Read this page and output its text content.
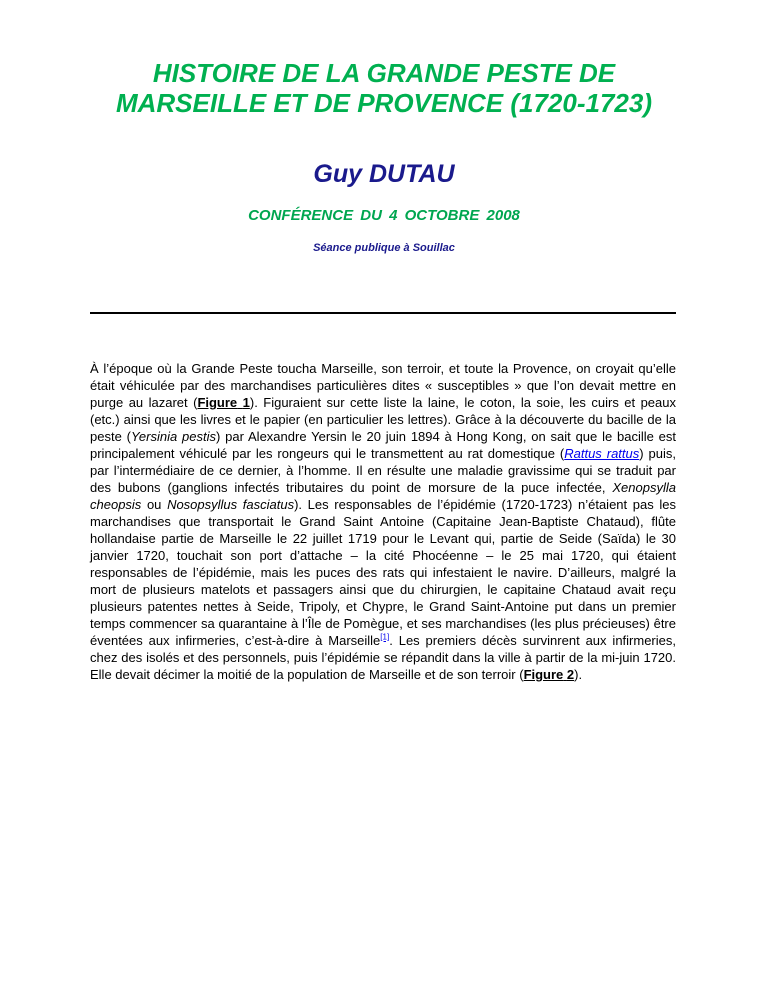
HISTOIRE DE LA GRANDE PESTE DE
MARSEILLE ET DE PROVENCE (1720-1723)
Guy DUTAU

CONFÉRENCE DU 4 OCTOBRE 2008

Séance publique à Souillac

À l’époque où la Grande Peste toucha Marseille, son terroir, et toute la Provence, on croyait qu’elle était véhiculée par des marchandises particulières dites « susceptibles » que l’on devait mettre en purge au lazaret (Figure 1). Figuraient sur cette liste la laine, le coton, la soie, les cuirs et peaux (etc.) ainsi que les livres et le papier (en particulier les lettres). Grâce à la découverte du bacille de la peste (Yersinia pestis) par Alexandre Yersin le 20 juin 1894 à Hong Kong, on sait que le bacille est principalement véhiculé par les rongeurs qui le transmettent au rat domestique (Rattus rattus) puis, par l’intermédiaire de ce dernier, à l’homme. Il en résulte une maladie gravissime qui se traduit par des bubons (ganglions infectés tributaires du point de morsure de la puce infectée, Xenopsylla cheopsis ou Nosopsyllus fasciatus). Les responsables de l’épidémie (1720-1723) n’étaient pas les marchandises que transportait le Grand Saint Antoine (Capitaine Jean-Baptiste Chataud), flûte hollandaise partie de Marseille le 22 juillet 1719 pour le Levant qui, partie de Seide (Saïda) le 30 janvier 1720, touchait son port d’attache – la cité Phocéenne – le 25 mai 1720, qui étaient responsables de l’épidémie, mais les puces des rats qui infestaient le navire. D’ailleurs, malgré la mort de plusieurs matelots et passagers ainsi que du chirurgien, le capitaine Chataud avait reçu plusieurs patentes nettes à Seide, Tripoly, et Chypre, le Grand Saint-Antoine put dans un premier temps commencer sa quarantaine à l’Île de Pomègue, et ses marchandises (les plus précieuses) être éventées aux infirmeries, c’est-à-dire à Marseille[1]. Les premiers décès survinrent aux infirmeries, chez des isolés et des personnels, puis l’épidémie se répandit dans la ville à partir de la mi-juin 1720. Elle devait décimer la moitié de la population de Marseille et de son terroir (Figure 2).
